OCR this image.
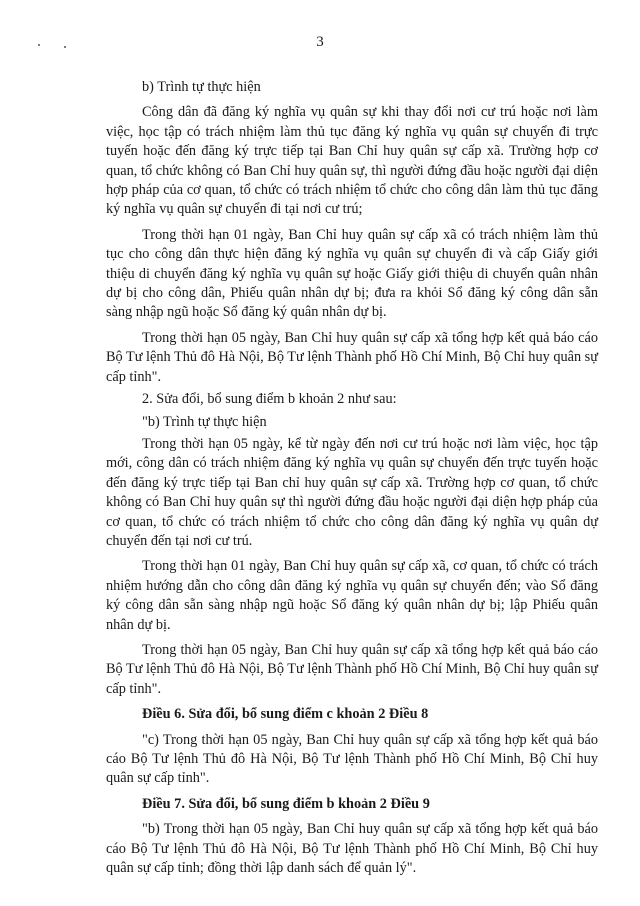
3

b) Trình tự thực hiện

Công dân đã đăng ký nghĩa vụ quân sự khi thay đổi nơi cư trú hoặc nơi làm việc, học tập có trách nhiệm làm thủ tục đăng ký nghĩa vụ quân sự chuyển đi trực tuyến hoặc đến đăng ký trực tiếp tại Ban Chỉ huy quân sự cấp xã. Trường hợp cơ quan, tổ chức không có Ban Chỉ huy quân sự, thì người đứng đầu hoặc người đại diện hợp pháp của cơ quan, tổ chức có trách nhiệm tổ chức cho công dân làm thủ tục đăng ký nghĩa vụ quân sự chuyển đi tại nơi cư trú;

Trong thời hạn 01 ngày, Ban Chỉ huy quân sự cấp xã có trách nhiệm làm thủ tục cho công dân thực hiện đăng ký nghĩa vụ quân sự chuyển đi và cấp Giấy giới thiệu di chuyển đăng ký nghĩa vụ quân sự hoặc Giấy giới thiệu di chuyển quân nhân dự bị cho công dân, Phiếu quân nhân dự bị; đưa ra khỏi Sổ đăng ký công dân sẵn sàng nhập ngũ hoặc Sổ đăng ký quân nhân dự bị.

Trong thời hạn 05 ngày, Ban Chỉ huy quân sự cấp xã tổng hợp kết quả báo cáo Bộ Tư lệnh Thủ đô Hà Nội, Bộ Tư lệnh Thành phố Hồ Chí Minh, Bộ Chỉ huy quân sự cấp tỉnh".

2. Sửa đổi, bổ sung điểm b khoản 2 như sau:

"b) Trình tự thực hiện

Trong thời hạn 05 ngày, kể từ ngày đến nơi cư trú hoặc nơi làm việc, học tập mới, công dân có trách nhiệm đăng ký nghĩa vụ quân sự chuyển đến trực tuyến hoặc đến đăng ký trực tiếp tại Ban chỉ huy quân sự cấp xã. Trường hợp cơ quan, tổ chức không có Ban Chỉ huy quân sự thì người đứng đầu hoặc người đại diện hợp pháp của cơ quan, tổ chức có trách nhiệm tổ chức cho công dân đăng ký nghĩa vụ quân dự chuyển đến tại nơi cư trú.

Trong thời hạn 01 ngày, Ban Chỉ huy quân sự cấp xã, cơ quan, tổ chức có trách nhiệm hướng dẫn cho công dân đăng ký nghĩa vụ quân sự chuyển đến; vào Sổ đăng ký công dân sẵn sàng nhập ngũ hoặc Sổ đăng ký quân nhân dự bị; lập Phiếu quân nhân dự bị.

Trong thời hạn 05 ngày, Ban Chỉ huy quân sự cấp xã tổng hợp kết quả báo cáo Bộ Tư lệnh Thủ đô Hà Nội, Bộ Tư lệnh Thành phố Hồ Chí Minh, Bộ Chỉ huy quân sự cấp tỉnh".

Điều 6. Sửa đổi, bổ sung điểm c khoản 2 Điều 8

"c) Trong thời hạn 05 ngày, Ban Chỉ huy quân sự cấp xã tổng hợp kết quả báo cáo Bộ Tư lệnh Thủ đô Hà Nội, Bộ Tư lệnh Thành phố Hồ Chí Minh, Bộ Chỉ huy quân sự cấp tỉnh".

Điều 7. Sửa đổi, bổ sung điểm b khoản 2 Điều 9

"b) Trong thời hạn 05 ngày, Ban Chỉ huy quân sự cấp xã tổng hợp kết quả báo cáo Bộ Tư lệnh Thủ đô Hà Nội, Bộ Tư lệnh Thành phố Hồ Chí Minh, Bộ Chỉ huy quân sự cấp tỉnh; đồng thời lập danh sách để quản lý".
